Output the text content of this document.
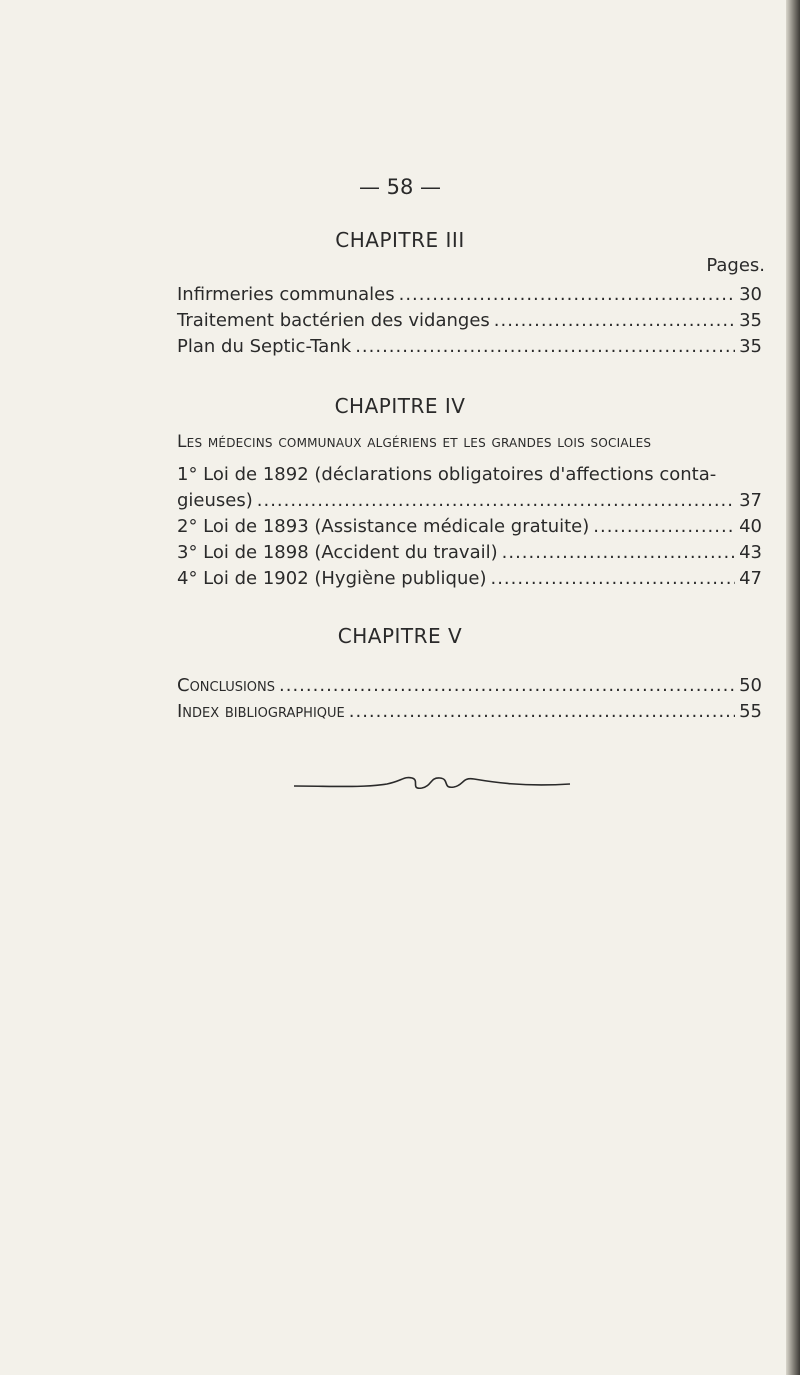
— 58 —
CHAPITRE III
Pages.
Infirmeries communales .....	30
Traitement bactérien des vidanges .....	35
Plan du Septic-Tank .....	35
CHAPITRE IV
Les médecins communaux algériens et les grandes lois sociales
1° Loi de 1892 (déclarations obligatoires d'affections conta-
gieuses) .....	37
2° Loi de 1893 (Assistance médicale gratuite) .....	40
3° Loi de 1898 (Accident du travail) .....	43
4° Loi de 1902 (Hygiène publique) .....	47
CHAPITRE V
Conclusions .....	50
Index bibliographique .....	55
